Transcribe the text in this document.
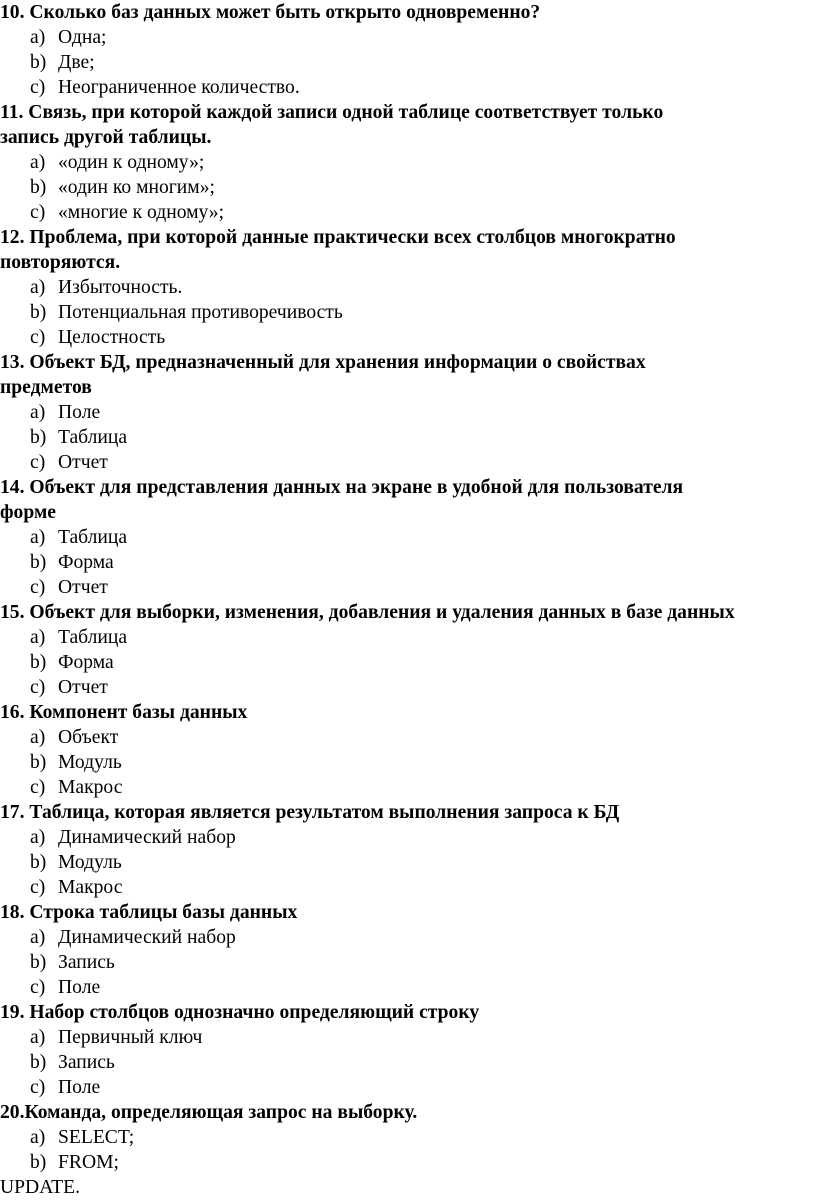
10. Сколько баз данных может быть открыто одновременно?
a) Одна;
b) Две;
c) Неограниченное количество.
11. Связь, при которой каждой записи одной таблице соответствует только
запись другой таблицы.
a) «один к одному»;
b) «один ко многим»;
c) «многие к одному»;
12. Проблема, при которой данные практически всех столбцов многократно
повторяются.
a) Избыточность.
b) Потенциальная противоречивость
c) Целостность
13. Объект БД, предназначенный для хранения информации о свойствах
предметов
a) Поле
b) Таблица
c) Отчет
14. Объект для представления данных на экране в удобной для пользователя
форме
a) Таблица
b) Форма
c) Отчет
15. Объект для выборки, изменения, добавления и удаления данных в базе данных
a) Таблица
b) Форма
c) Отчет
16. Компонент базы данных
a) Объект
b) Модуль
c) Макрос
17. Таблица, которая является результатом выполнения запроса к БД
a) Динамический набор
b) Модуль
c) Макрос
18. Строка таблицы базы данных
a) Динамический набор
b) Запись
c) Поле
19. Набор столбцов однозначно определяющий строку
a) Первичный ключ
b) Запись
c) Поле
20.Команда, определяющая запрос на выборку.
a) SELECT;
b) FROM;
UPDATE.
